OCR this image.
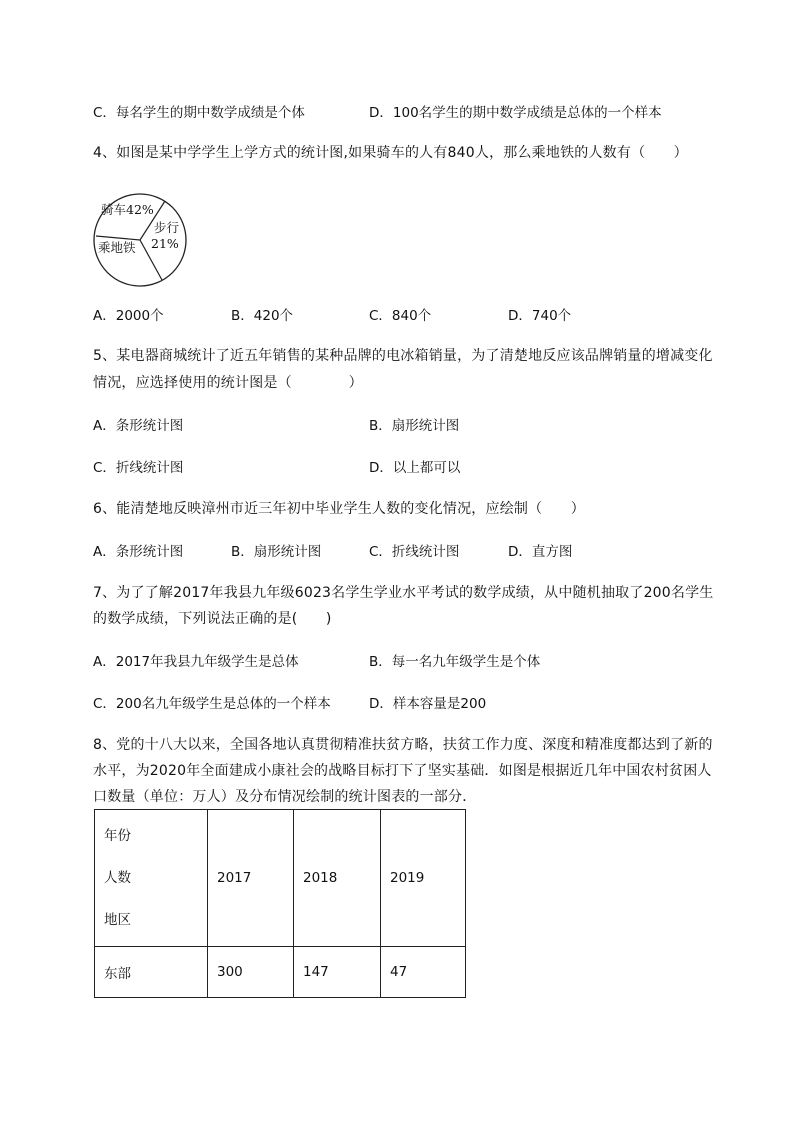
C．每名学生的期中数学成绩是个体	D．100名学生的期中数学成绩是总体的一个样本
4、如图是某中学学生上学方式的统计图,如果骑车的人有840人，那么乘地铁的人数有（　　）
骑车42%
步行
21%
乘地铁
A．2000个	B．420个	C．840个	D．740个
5、某电器商城统计了近五年销售的某种品牌的电冰箱销量，为了清楚地反应该品牌销量的增减变化
情况，应选择使用的统计图是（　　　　）
A．条形统计图	B．扇形统计图
C．折线统计图	D．以上都可以
6、能清楚地反映漳州市近三年初中毕业学生人数的变化情况，应绘制（　　）
A．条形统计图	B．扇形统计图	C．折线统计图	D．直方图
7、为了了解2017年我县九年级6023名学生学业水平考试的数学成绩，从中随机抽取了200名学生
的数学成绩，下列说法正确的是(　　)
A．2017年我县九年级学生是总体	B．每一名九年级学生是个体
C．200名九年级学生是总体的一个样本	D．样本容量是200
8、党的十八大以来，全国各地认真贯彻精准扶贫方略，扶贫工作力度、深度和精准度都达到了新的
水平，为2020年全面建成小康社会的战略目标打下了坚实基础．如图是根据近几年中国农村贫困人
口数量（单位：万人）及分布情况绘制的统计图表的一部分．
年份
人数
地区	2017	2018	2019
东部	300	147	47
